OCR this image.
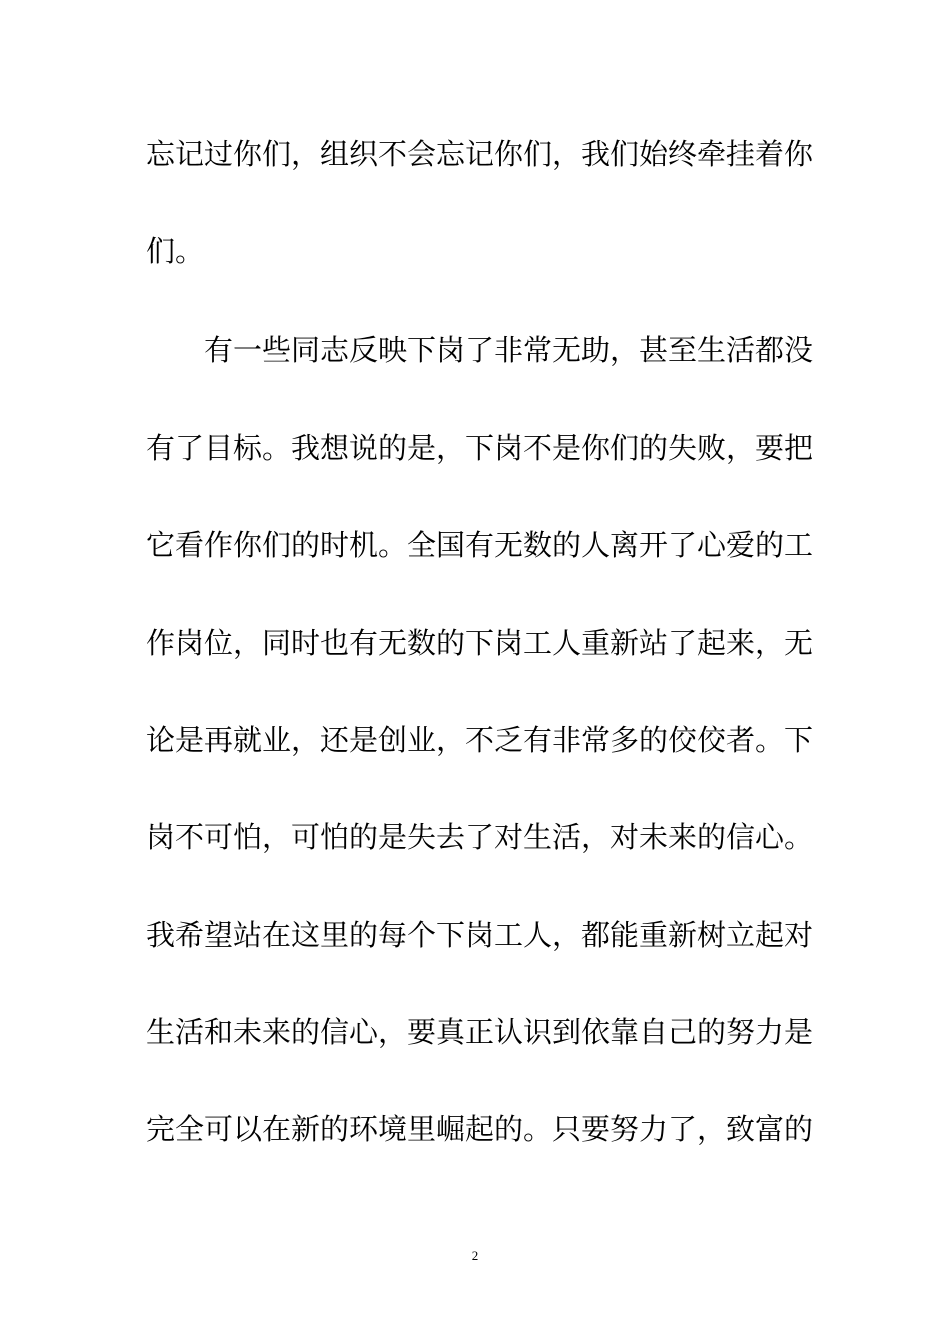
忘记过你们，组织不会忘记你们，我们始终牵挂着你
们。
有一些同志反映下岗了非常无助，甚至生活都没
有了目标。我想说的是，下岗不是你们的失败，要把
它看作你们的时机。全国有无数的人离开了心爱的工
作岗位，同时也有无数的下岗工人重新站了起来，无
论是再就业，还是创业，不乏有非常多的佼佼者。下
岗不可怕，可怕的是失去了对生活，对未来的信心。
我希望站在这里的每个下岗工人，都能重新树立起对
生活和未来的信心，要真正认识到依靠自己的努力是
完全可以在新的环境里崛起的。只要努力了，致富的
2
